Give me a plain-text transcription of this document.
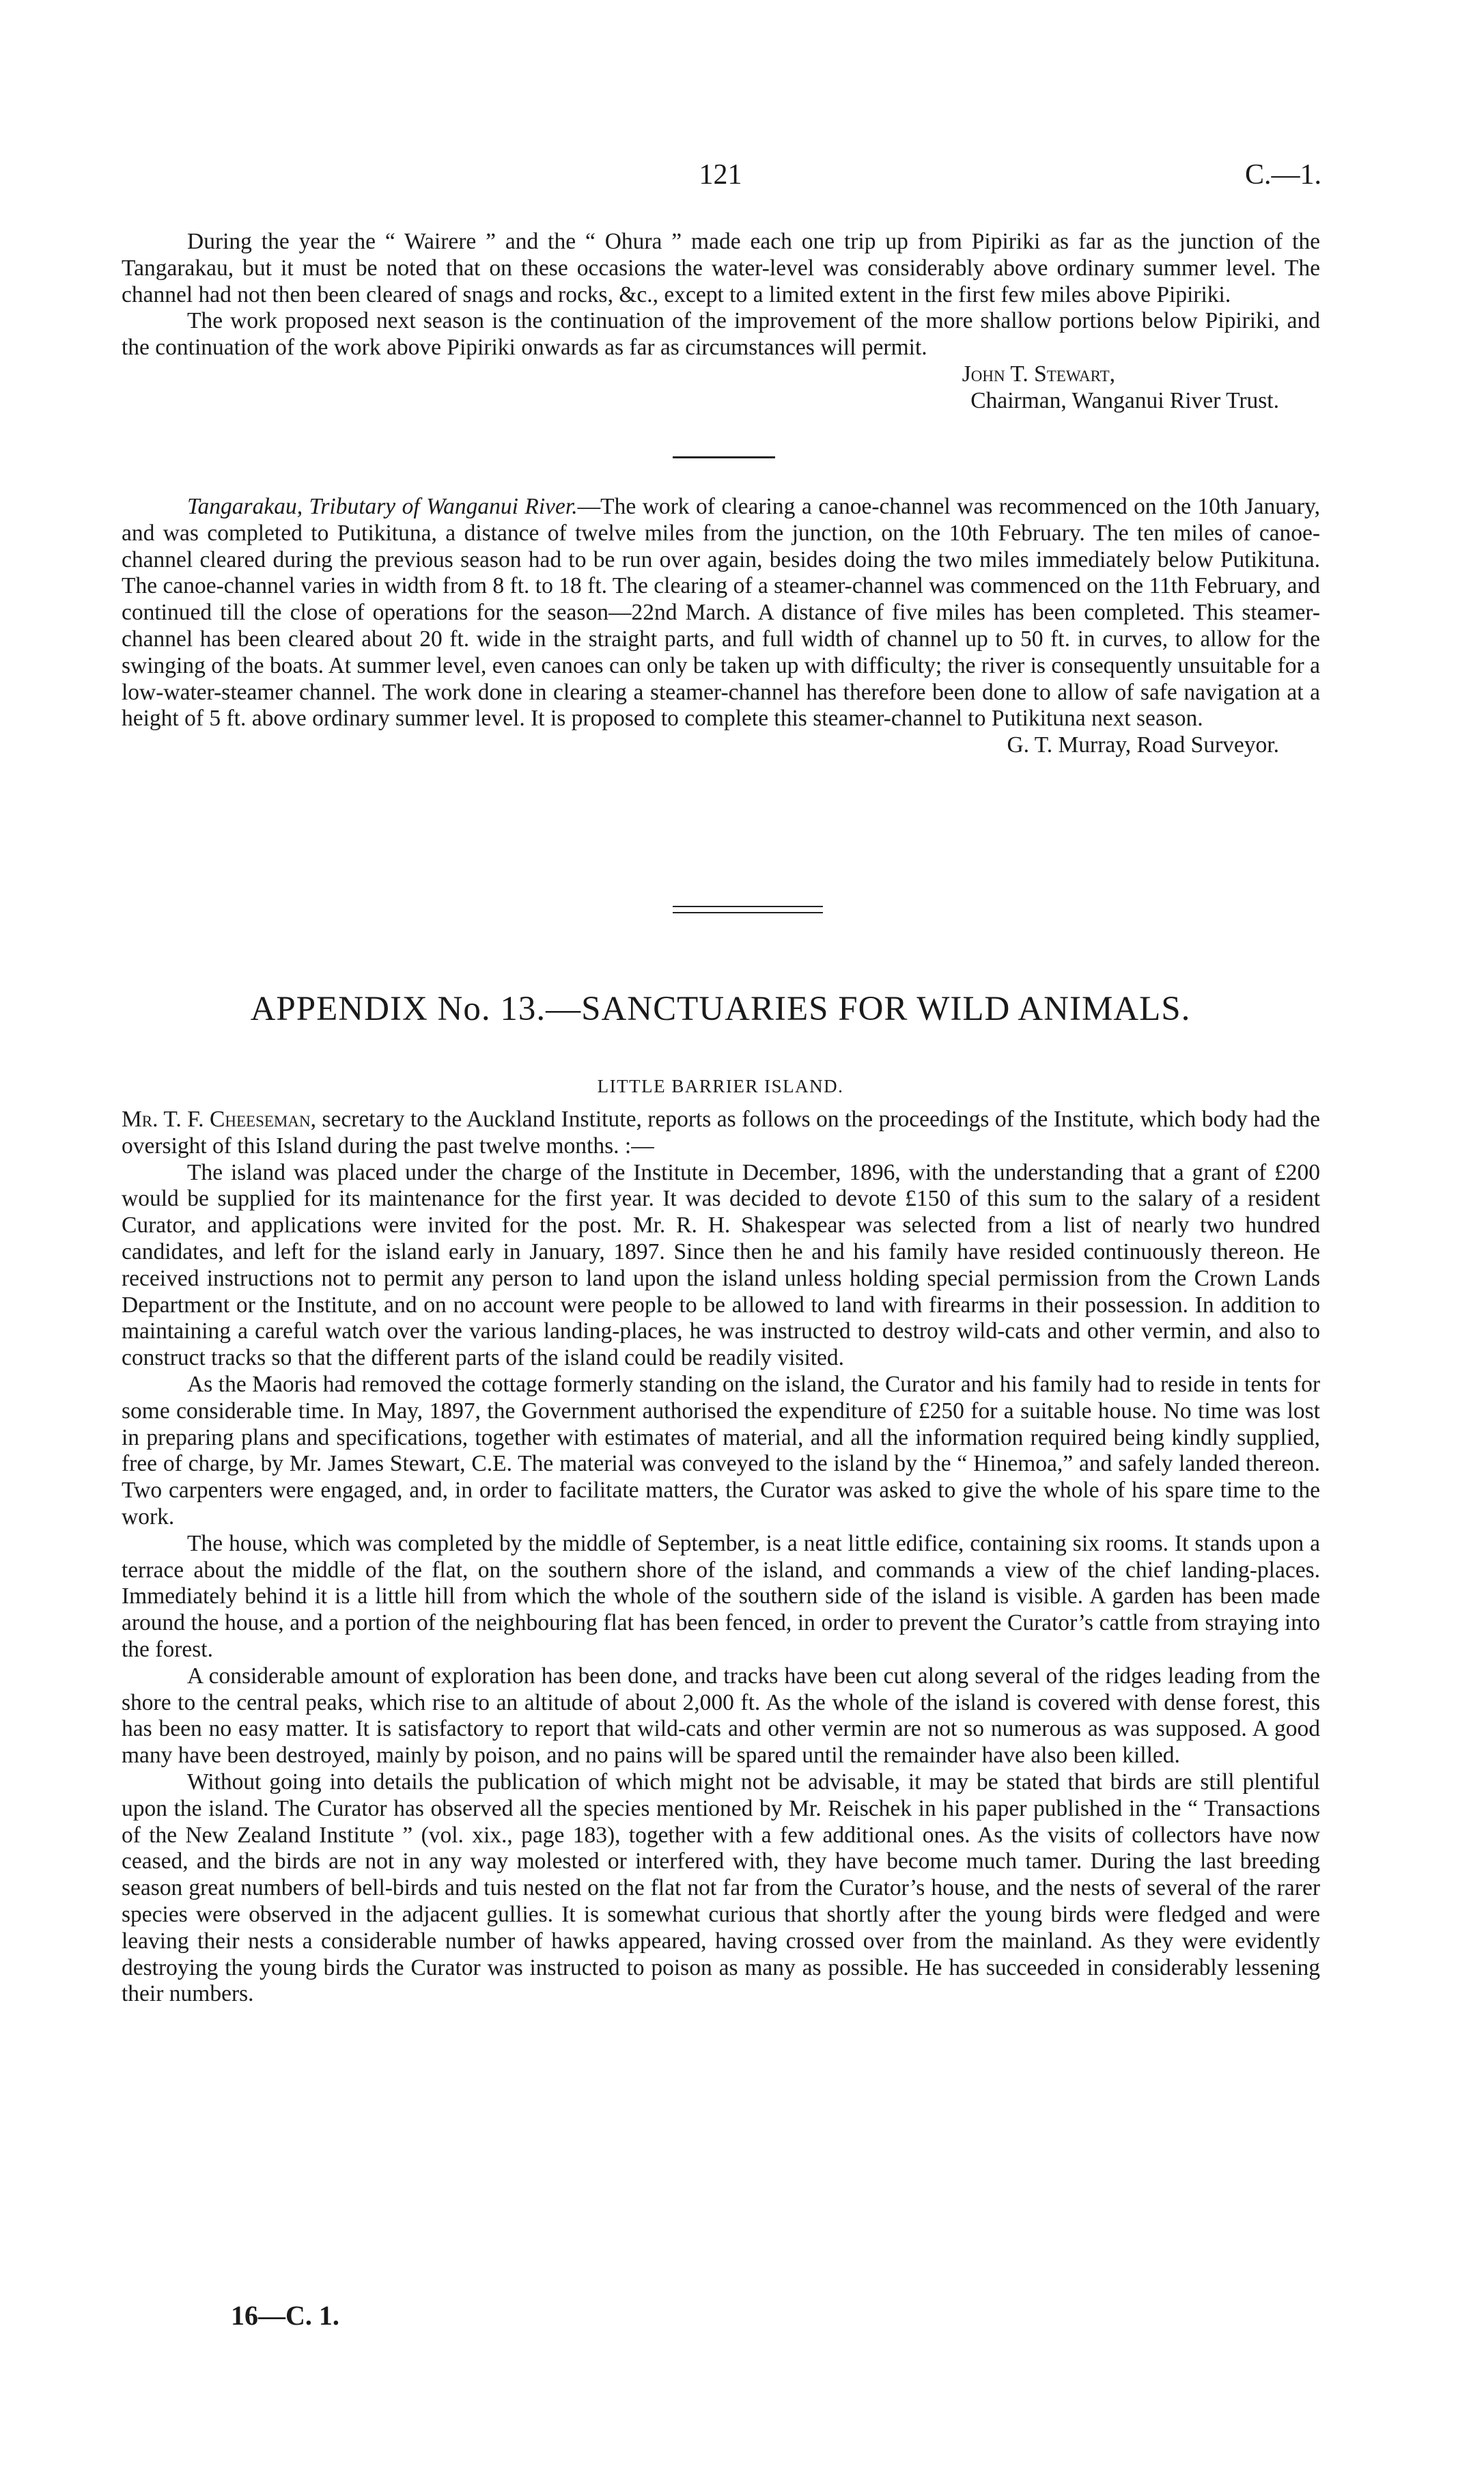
121	C.—1.

During the year the “ Wairere ” and the “ Ohura ” made each one trip up from Pipiriki as far as the junction of the Tangarakau, but it must be noted that on these occasions the water-level was considerably above ordinary summer level. The channel had not then been cleared of snags and rocks, &c., except to a limited extent in the first few miles above Pipiriki.

The work proposed next season is the continuation of the improvement of the more shallow portions below Pipiriki, and the continuation of the work above Pipiriki onwards as far as circumstances will permit.

John T. Stewart,
Chairman, Wanganui River Trust.

Tangarakau, Tributary of Wanganui River.—The work of clearing a canoe-channel was recommenced on the 10th January, and was completed to Putikituna, a distance of twelve miles from the junction, on the 10th February. The ten miles of canoe-channel cleared during the previous season had to be run over again, besides doing the two miles immediately below Putikituna. The canoe-channel varies in width from 8 ft. to 18 ft. The clearing of a steamer-channel was commenced on the 11th February, and continued till the close of operations for the season—22nd March. A distance of five miles has been completed. This steamer-channel has been cleared about 20 ft. wide in the straight parts, and full width of channel up to 50 ft. in curves, to allow for the swinging of the boats. At summer level, even canoes can only be taken up with difficulty; the river is consequently unsuitable for a low-water-steamer channel. The work done in clearing a steamer-channel has therefore been done to allow of safe navigation at a height of 5 ft. above ordinary summer level. It is proposed to complete this steamer-channel to Putikituna next season.

G. T. Murray, Road Surveyor.
APPENDIX No. 13.—SANCTUARIES FOR WILD ANIMALS.
LITTLE BARRIER ISLAND.

Mr. T. F. Cheeseman, secretary to the Auckland Institute, reports as follows on the proceedings of the Institute, which body had the oversight of this Island during the past twelve months. :—

The island was placed under the charge of the Institute in December, 1896, with the understanding that a grant of £200 would be supplied for its maintenance for the first year. It was decided to devote £150 of this sum to the salary of a resident Curator, and applications were invited for the post. Mr. R. H. Shakespear was selected from a list of nearly two hundred candidates, and left for the island early in January, 1897. Since then he and his family have resided continuously thereon. He received instructions not to permit any person to land upon the island unless holding special permission from the Crown Lands Department or the Institute, and on no account were people to be allowed to land with firearms in their possession. In addition to maintaining a careful watch over the various landing-places, he was instructed to destroy wild-cats and other vermin, and also to construct tracks so that the different parts of the island could be readily visited.

As the Maoris had removed the cottage formerly standing on the island, the Curator and his family had to reside in tents for some considerable time. In May, 1897, the Government authorised the expenditure of £250 for a suitable house. No time was lost in preparing plans and specifications, together with estimates of material, and all the information required being kindly supplied, free of charge, by Mr. James Stewart, C.E. The material was conveyed to the island by the “ Hinemoa,” and safely landed thereon. Two carpenters were engaged, and, in order to facilitate matters, the Curator was asked to give the whole of his spare time to the work.

The house, which was completed by the middle of September, is a neat little edifice, containing six rooms. It stands upon a terrace about the middle of the flat, on the southern shore of the island, and commands a view of the chief landing-places. Immediately behind it is a little hill from which the whole of the southern side of the island is visible. A garden has been made around the house, and a portion of the neighbouring flat has been fenced, in order to prevent the Curator’s cattle from straying into the forest.

A considerable amount of exploration has been done, and tracks have been cut along several of the ridges leading from the shore to the central peaks, which rise to an altitude of about 2,000 ft. As the whole of the island is covered with dense forest, this has been no easy matter. It is satisfactory to report that wild-cats and other vermin are not so numerous as was supposed. A good many have been destroyed, mainly by poison, and no pains will be spared until the remainder have also been killed.

Without going into details the publication of which might not be advisable, it may be stated that birds are still plentiful upon the island. The Curator has observed all the species mentioned by Mr. Reischek in his paper published in the “ Transactions of the New Zealand Institute ” (vol. xix., page 183), together with a few additional ones. As the visits of collectors have now ceased, and the birds are not in any way molested or interfered with, they have become much tamer. During the last breeding season great numbers of bell-birds and tuis nested on the flat not far from the Curator’s house, and the nests of several of the rarer species were observed in the adjacent gullies. It is somewhat curious that shortly after the young birds were fledged and were leaving their nests a considerable number of hawks appeared, having crossed over from the mainland. As they were evidently destroying the young birds the Curator was instructed to poison as many as possible. He has succeeded in considerably lessening their numbers.

16—C. 1.
